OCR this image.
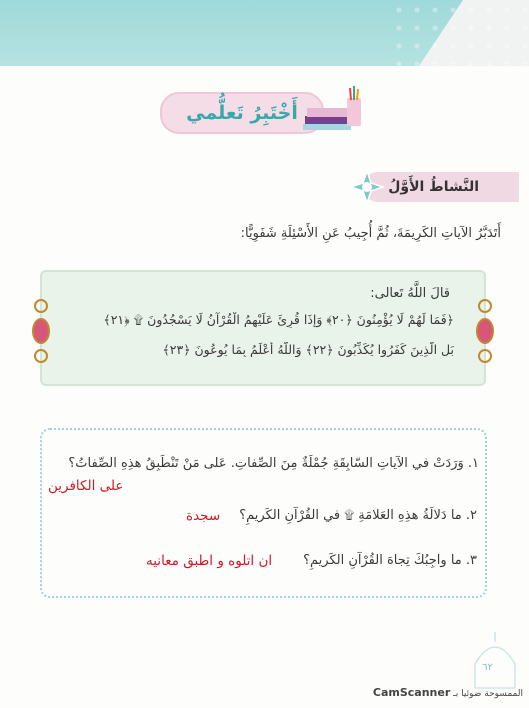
أَخْتَبِرُ تَعلُّمي
النَّشاطُ الأَوَّلُ
أَتَدَبَّرُ الآياتِ الكَرِيمَةَ، ثُمَّ أُجِيبُ عَنِ الأَسْئِلَةِ شَفَوِيًّا:
قالَ اللَّهُ تَعالى:
﴿فَمَا لَهُمْ لَا يُؤْمِنُونَ ﴿٢٠﴾ وَإِذَا قُرِئَ عَلَيْهِمُ الْقُرْآنُ لَا يَسْجُدُونَ ۩ ﴿٢١﴾
بَلِ الَّذِينَ كَفَرُوا يُكَذِّبُونَ ﴿٢٢﴾ وَاللَّهُ أَعْلَمُ بِمَا يُوعُونَ ﴿٢٣﴾
١. وَرَدَتْ في الآياتِ السّابِقَةِ جُمْلَةٌ مِنَ الصِّفاتِ. عَلى مَنْ تَنْطَبِقُ هذِهِ الصِّفاتُ؟
على الكافرين
٢. ما دَلالَةُ هذِهِ العَلامَةِ ۩ في القُرْآنِ الكَريمِ؟
سجدة
٣. ما واجِبُكَ تِجاهَ القُرْآنِ الكَريمِ؟
ان اتلوه و اطبق معانيه
٦٢
الممسوحة ضوئيا بـ CamScanner
